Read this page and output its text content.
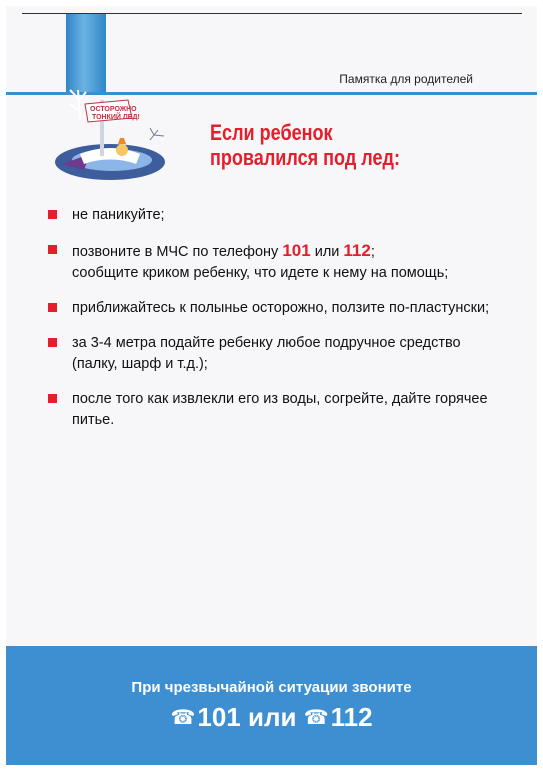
Памятка для родителей
ОСТОРОЖНО
ТОНКИЙ ЛЕД!
Если ребенок
провалился под лед:
не паникуйте;
позвоните в МЧС по телефону 101 или 112;
сообщите криком ребенку, что идете к нему на помощь;
приближайтесь к полынье осторожно, ползите по-пластунски;
за 3-4 метра подайте ребенку любое подручное средство (палку, шарф и т.д.);
после того как извлекли его из воды, согрейте, дайте горячее питье.
При чрезвычайной ситуации звоните
☎101 или ☎112
